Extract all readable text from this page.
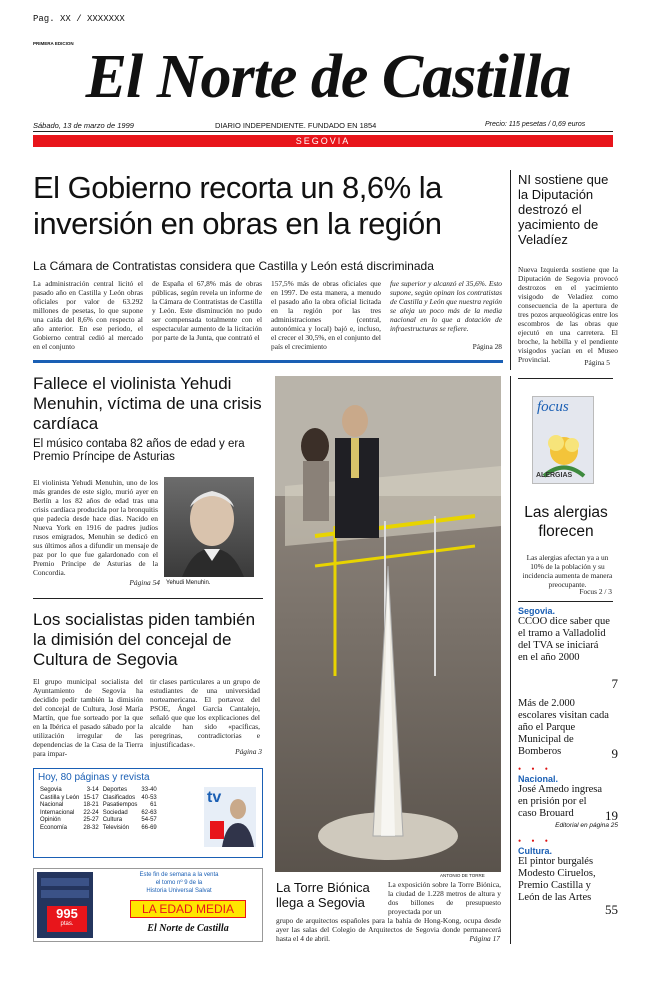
Pag. XX / XXXXXXX
PRIMERA EDICION El Norte de Castilla
Sábado, 13 de marzo de 1999	DIARIO INDEPENDIENTE. FUNDADO EN 1854	Precio: 115 pesetas / 0,69 euros
SEGOVIA
El Gobierno recorta un 8,6% la
inversión en obras en la región
La Cámara de Contratistas considera que Castilla y León está discriminada
La administración central licitó el pasado año en Castilla y León obras oficiales por valor de 63.292 millones de pesetas, lo que supone una caída del 8,6% con respecto al año anterior. En ese periodo, el Gobierno central cedió al mercado en el conjunto
de España el 67,8% más de obras públicas, según revela un informe de la Cámara de Contratistas de Castilla y León. Este disminución no pudo ser compensada totalmente con el espectacular aumento de la licitación por parte de la Junta, que contrató el
157,5% más de obras oficiales que en 1997. De esta manera, a menudo el pasado año la obra oficial licitada en la región por las tres administraciones (central, autonómica y local) bajó e, incluso, el crecer el 30,5%, en el conjunto del país el crecimiento
fue superior y alcanzó el 35,6%. Esto supone, según opinan los contratistas de Castilla y León que nuestra región se aleja un poco más de la media nacional en lo que a dotación de infraestructuras se refiere.
Página 28
NI sostiene que la Diputación destrozó el yacimiento de Veladíez
Nueva Izquierda sostiene que la Diputación de Segovia provocó destrozos en el yacimiento visigodo de Veladíez como consecuencia de la apertura de tres pozos arqueológicas entre los escombros de las obras que ejecutó en una carretera. El broche, la hebilla y el pendiente visigodos yacían en el Museo Provincial.	Página 5
Fallece el violinista Yehudi Menuhin, víctima de una crisis cardíaca
El músico contaba 82 años de edad y era Premio Príncipe de Asturias
El violinista Yehudi Menuhin, uno de los más grandes de este siglo, murió ayer en Berlín a los 82 años de edad tras una crisis cardíaca producida por la bronquitis que padecía desde hace días. Nacido en Nueva York en 1916 de padres judíos rusos emigrados, Menuhin se dedicó en sus últimos años a difundir un mensaje de paz por lo que fue galardonado con el Premio Príncipe de Asturias de la Concordia.
Página 54 Yehudi Menuhin.
Los socialistas piden también la dimisión del concejal de Cultura de Segovia
El grupo municipal socialista del Ayuntamiento de Segovia ha decidido pedir también la dimisión del concejal de Cultura, José María Martín, que fue sorteado por la que en la Ibérica el pasado sábado por la utilización irregular de las dependencias de la Casa de la Tierra para impar-
tir clases particulares a un grupo de estudiantes de una universidad norteamericana. El portavoz del PSOE, Ángel García Cantalejo, señaló que que los explicaciones del alcalde han sido «pacíficas, peregrinas, contradictorias e injustificadas».
Página 3
Hoy, 80 páginas y revista
Segovia	3-14	Deportes	33-40
Castilla y León	15-17	Clasificados	40-53
Nacional	18-21	Pasatiempos	61
Internacional	22-24	Sociedad	62-63
Opinión	25-27	Cultura	54-57
Economía	28-32	Televisión	66-69
tv
995
ptas.
Este fin de semana a la venta
el tomo nº 9 de la
Historia Universal Salvat
LA EDAD MEDIA
El Norte de Castilla
ANTONIO DE TORRE
La Torre Biónica llega a Segovia
La exposición sobre la Torre Biónica, la ciudad de 1.228 metros de altura y dos billones de presupuesto proyectada por un
grupo de arquitectos españoles para la bahía de Hong-Kong, ocupa desde ayer las salas del Colegio de Arquitectos de Segovia donde permanecerá hasta el 4 de abril.	Página 17
focus
ALERGIAS
Las alergias florecen
Las alergias afectan ya a un 10% de la población y su incidencia aumenta de manera preocupante.
Focus 2 / 3
Segovia.
CCOO dice saber que el tramo a Valladolid del TVA se iniciará en el año 2000
7
Más de 2.000 escolares visitan cada año el Parque Municipal de Bomberos	9
• • •
Nacional.
José Amedo ingresa en prisión por el caso Brouard	19
Editorial en página 25
• • •
Cultura.
El pintor burgalés Modesto Ciruelos, Premio Castilla y León de las Artes
55
